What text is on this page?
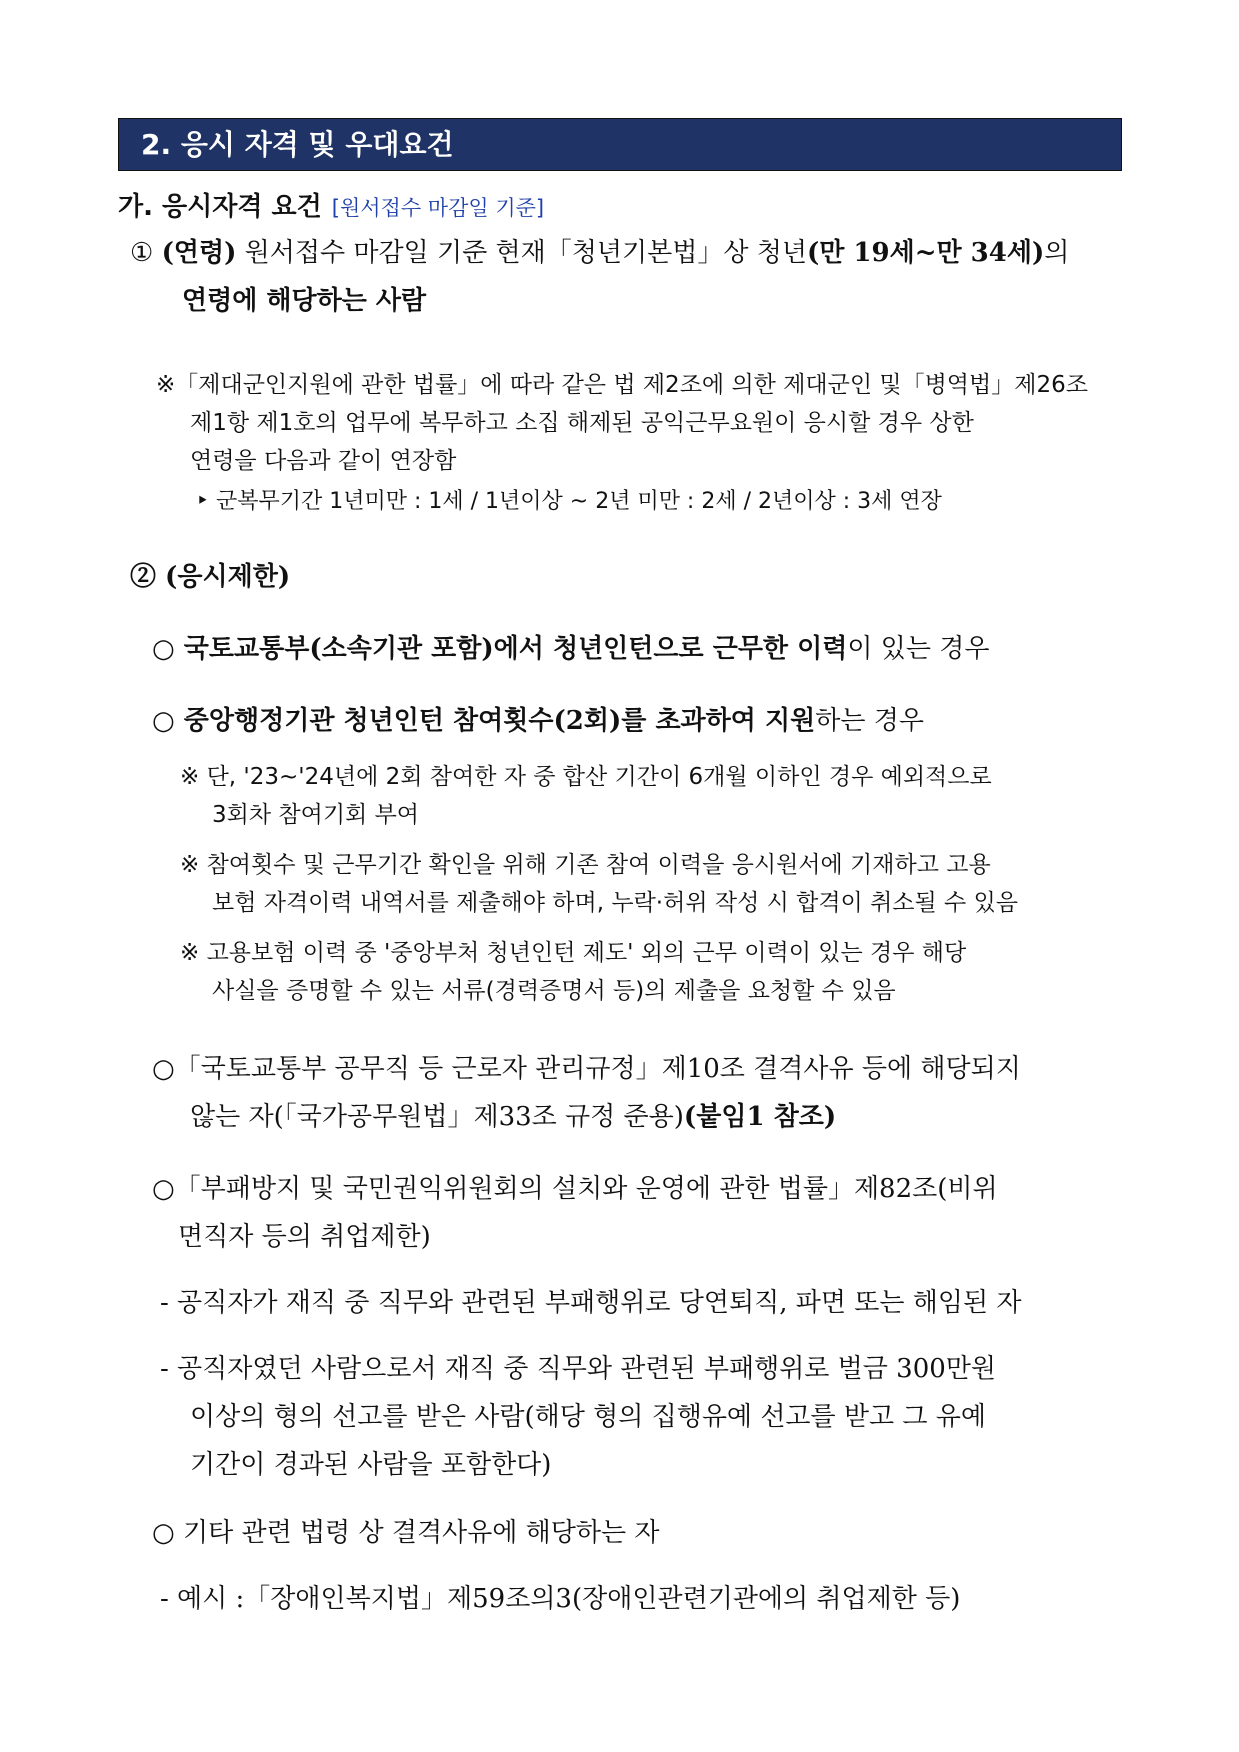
2. 응시 자격 및 우대요건
가. 응시자격 요건 [원서접수 마감일 기준]
① (연령) 원서접수 마감일 기준 현재「청년기본법」상 청년(만 19세~만 34세)의
연령에 해당하는 사람
※「제대군인지원에 관한 법률」에 따라 같은 법 제2조에 의한 제대군인 및「병역법」제26조
제1항 제1호의 업무에 복무하고 소집 해제된 공익근무요원이 응시할 경우 상한
연령을 다음과 같이 연장함
‣ 군복무기간 1년미만 : 1세 / 1년이상 ~ 2년 미만 : 2세 / 2년이상 : 3세 연장
② (응시제한)
○ 국토교통부(소속기관 포함)에서 청년인턴으로 근무한 이력이 있는 경우
○ 중앙행정기관 청년인턴 참여횟수(2회)를 초과하여 지원하는 경우
※ 단, '23~'24년에 2회 참여한 자 중 합산 기간이 6개월 이하인 경우 예외적으로
3회차 참여기회 부여
※ 참여횟수 및 근무기간 확인을 위해 기존 참여 이력을 응시원서에 기재하고 고용
보험 자격이력 내역서를 제출해야 하며, 누락·허위 작성 시 합격이 취소될 수 있음
※ 고용보험 이력 중 '중앙부처 청년인턴 제도' 외의 근무 이력이 있는 경우 해당
사실을 증명할 수 있는 서류(경력증명서 등)의 제출을 요청할 수 있음
○「국토교통부 공무직 등 근로자 관리규정」제10조 결격사유 등에 해당되지
않는 자(「국가공무원법」제33조 규정 준용)(붙임1 참조)
○「부패방지 및 국민권익위원회의 설치와 운영에 관한 법률」제82조(비위
면직자 등의 취업제한)
- 공직자가 재직 중 직무와 관련된 부패행위로 당연퇴직, 파면 또는 해임된 자
- 공직자였던 사람으로서 재직 중 직무와 관련된 부패행위로 벌금 300만원
이상의 형의 선고를 받은 사람(해당 형의 집행유예 선고를 받고 그 유예
기간이 경과된 사람을 포함한다)
○ 기타 관련 법령 상 결격사유에 해당하는 자
- 예시 :「장애인복지법」제59조의3(장애인관련기관에의 취업제한 등)
